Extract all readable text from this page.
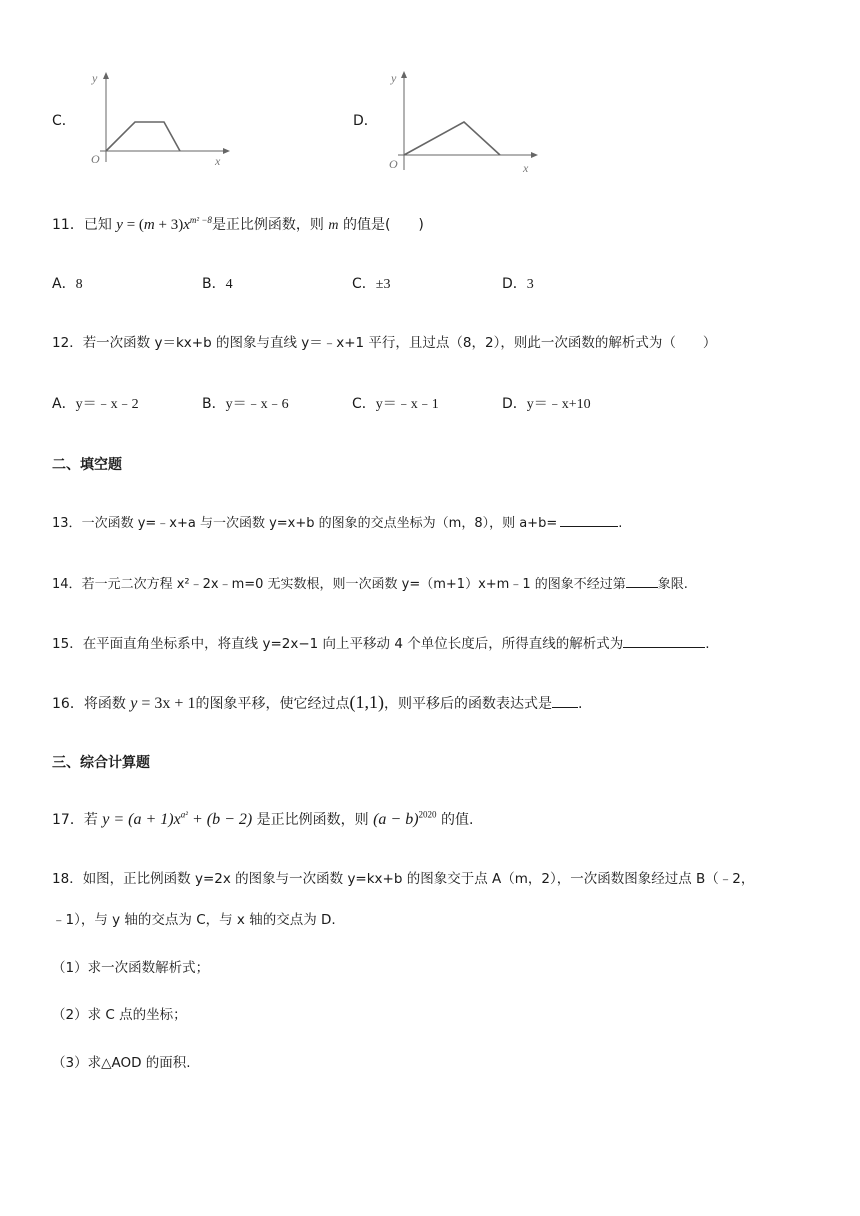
C．
y
O	x
D．
y
O	x
11．已知 $y = (m + 3)x^{m^2 -8}$是正比例函数，则 m 的值是(　　)
A．8	B．4	C．±3	D．3
12．若一次函数 y＝kx+b 的图象与直线 y＝﹣x+1 平行，且过点（8，2），则此一次函数的解析式为（　　）
A．y＝﹣x﹣2	B．y＝﹣x﹣6	C．y＝﹣x﹣1	D．y＝﹣x+10
二、填空题
13．一次函数 y=﹣x+a 与一次函数 y=x+b 的图象的交点坐标为（m，8），则 a+b=	.
14．若一元二次方程 x²﹣2x﹣m=0 无实数根，则一次函数 y=（m+1）x+m﹣1 的图象不经过第 象限.
15．在平面直角坐标系中，将直线 y=2x−1 向上平移动 4 个单位长度后，所得直线的解析式为	.
16．将函数 y = 3x + 1的图象平移，使它经过点(1,1)，则平移后的函数表达式是 .
三、综合计算题
17．若 $y = (a + 1)x^{a^2} + (b - 2)$ 是正比例函数，则 $(a - b)^{2020}$ 的值.
18．如图，正比例函数 y=2x 的图象与一次函数 y=kx+b 的图象交于点 A（m，2），一次函数图象经过点 B（﹣2，
﹣1），与 y 轴的交点为 C，与 x 轴的交点为 D.
（1）求一次函数解析式；
（2）求 C 点的坐标；
（3）求△AOD 的面积.
